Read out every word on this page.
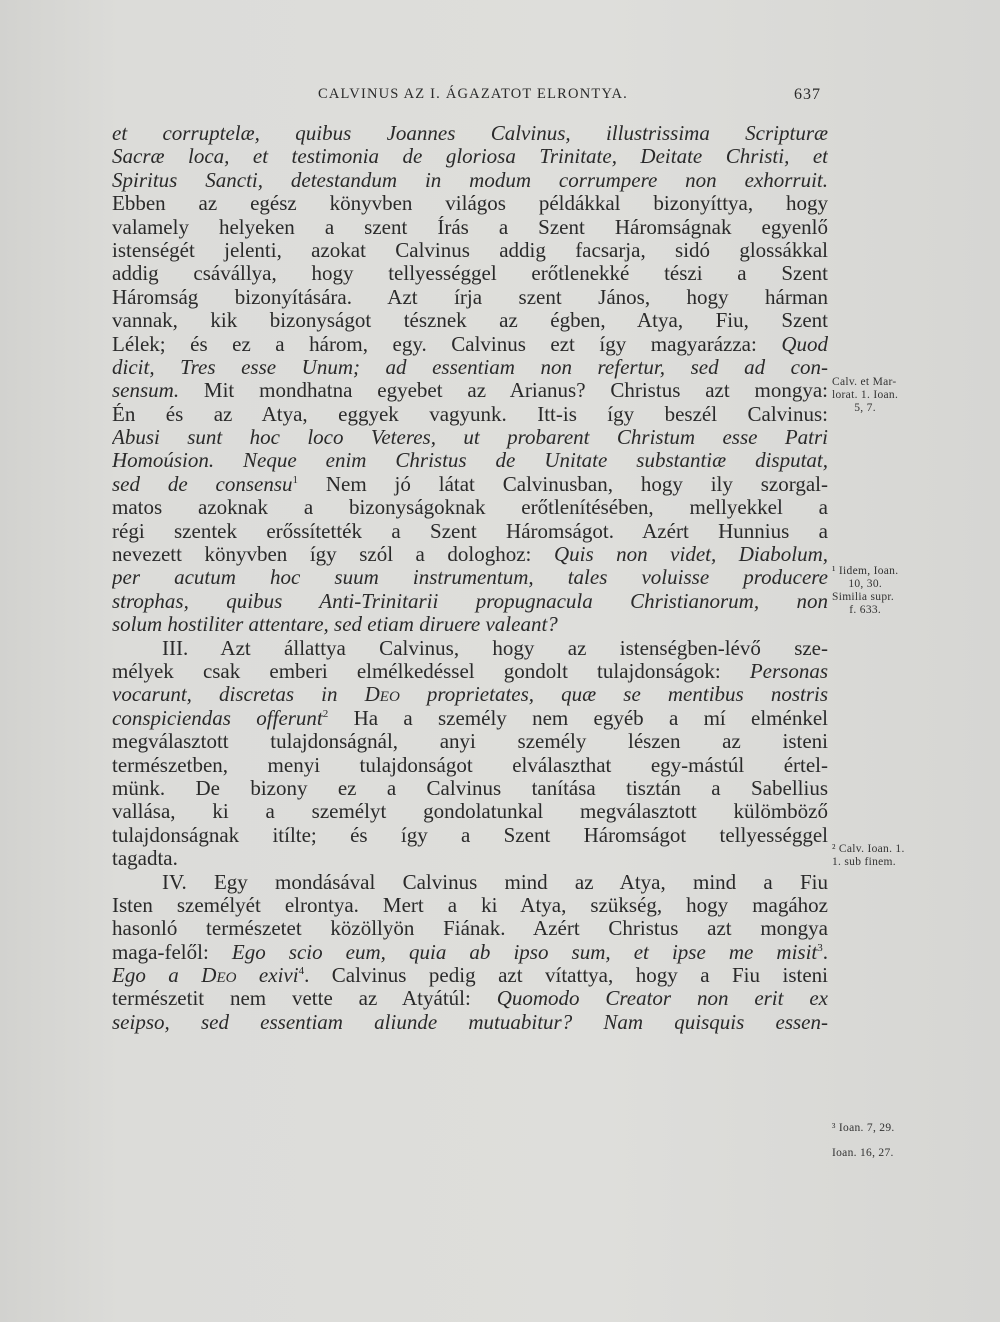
CALVINUS AZ I. ÁGAZATOT ELRONTYA.	637
et corruptelæ, quibus Joannes Calvinus, illustrissima Scripturæ
Sacræ loca, et testimonia de gloriosa Trinitate, Deitate Christi, et
Spiritus Sancti, detestandum in modum corrumpere non exhorruit.
Ebben az egész könyvben világos példákkal bizonyíttya, hogy
valamely helyeken a szent Írás a Szent Háromságnak egyenlő
istenségét jelenti, azokat Calvinus addig facsarja, sidó glossákkal
addig csávállya, hogy tellyességgel erőtlenekké tészi a Szent
Háromság bizonyítására. Azt írja szent János, hogy hárman
vannak, kik bizonyságot tésznek az égben, Atya, Fiu, Szent
Lélek; és ez a három, egy. Calvinus ezt így magyarázza: Quod
dicit, Tres esse Unum; ad essentiam non refertur, sed ad con-
sensum. Mit mondhatna egyebet az Arianus? Christus azt mongya:
Én és az Atya, eggyek vagyunk. Itt-is így beszél Calvinus:
Abusi sunt hoc loco Veteres, ut probarent Christum esse Patri
Homoúsion. Neque enim Christus de Unitate substantiæ disputat,
sed de consensu$^1$ Nem jó látat Calvinusban, hogy ily szorgal-
matos azoknak a bizonyságoknak erőtlenítésében, mellyekkel a
régi szentek erőssítették a Szent Háromságot. Azért Hunnius a
nevezett könyvben így szól a dologhoz: Quis non videt, Diabolum,
per acutum hoc suum instrumentum, tales voluisse producere
strophas, quibus Anti-Trinitarii propugnacula Christianorum, non
solum hostiliter attentare, sed etiam diruere valeant?
III. Azt állattya Calvinus, hogy az istenségben-lévő sze-
mélyek csak emberi elmélkedéssel gondolt tulajdonságok: Personas
vocarunt, discretas in Deo proprietates, quæ se mentibus nostris
conspiciendas offerunt$^2$ Ha a személy nem egyéb a mí elménkel
megválasztott tulajdonságnál, anyi személy lészen az isteni
természetben, menyi tulajdonságot elválaszthat egy-mástúl értel-
münk. De bizony ez a Calvinus tanítása tisztán a Sabellius
vallása, ki a személyt gondolatunkal megválasztott külömböző
tulajdonságnak itílte; és így a Szent Háromságot tellyességgel
tagadta.
IV. Egy mondásával Calvinus mind az Atya, mind a Fiu
Isten személyét elrontya. Mert a ki Atya, szükség, hogy magához
hasonló természetet közöllyön Fiának. Azért Christus azt mongya
maga-felől: Ego scio eum, quia ab ipso sum, et ipse me misit$^3$.
Ego a Deo exivi$^4$. Calvinus pedig azt vítattya, hogy a Fiu isteni
természetit nem vette az Atyátúl: Quomodo Creator non erit ex
seipso, sed essentiam aliunde mutuabitur? Nam quisquis essen-
Calv. et Mar-
lorat. 1. Ioan.
5, 7.
¹ Iidem, Ioan.
10, 30.
Similia supr.
f. 633.
² Calv. Ioan. 1.
1. sub finem.
³ Ioan. 7, 29.
Ioan. 16, 27.
